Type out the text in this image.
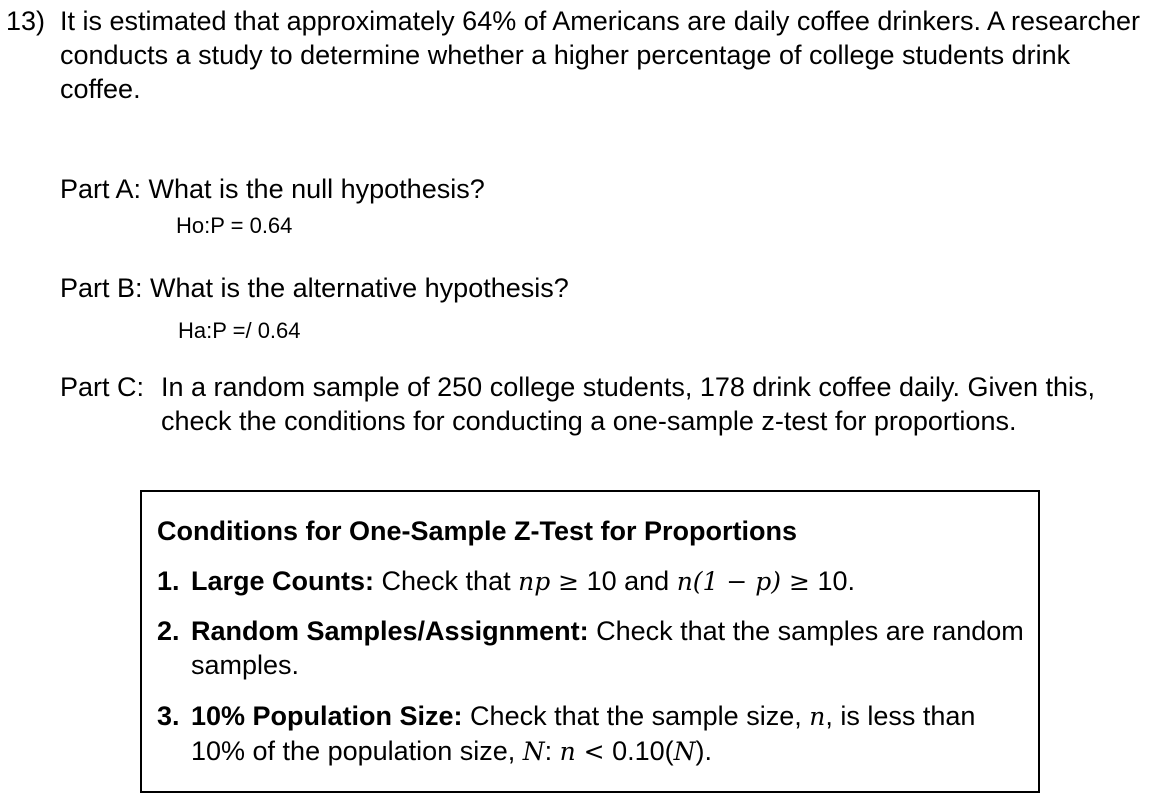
13) It is estimated that approximately 64% of Americans are daily coffee drinkers. A researcher conducts a study to determine whether a higher percentage of college students drink coffee.
Part A: What is the null hypothesis?
Ho:P = 0.64
Part B: What is the alternative hypothesis?
Ha:P =/ 0.64
Part C: In a random sample of 250 college students, 178 drink coffee daily. Given this, check the conditions for conducting a one-sample z-test for proportions.
Conditions for One-Sample Z-Test for Proportions
1. Large Counts: Check that np ≥ 10 and n(1 − p) ≥ 10.
2. Random Samples/Assignment: Check that the samples are random samples.
3. 10% Population Size: Check that the sample size, n, is less than 10% of the population size, N: n < 0.10(N).
